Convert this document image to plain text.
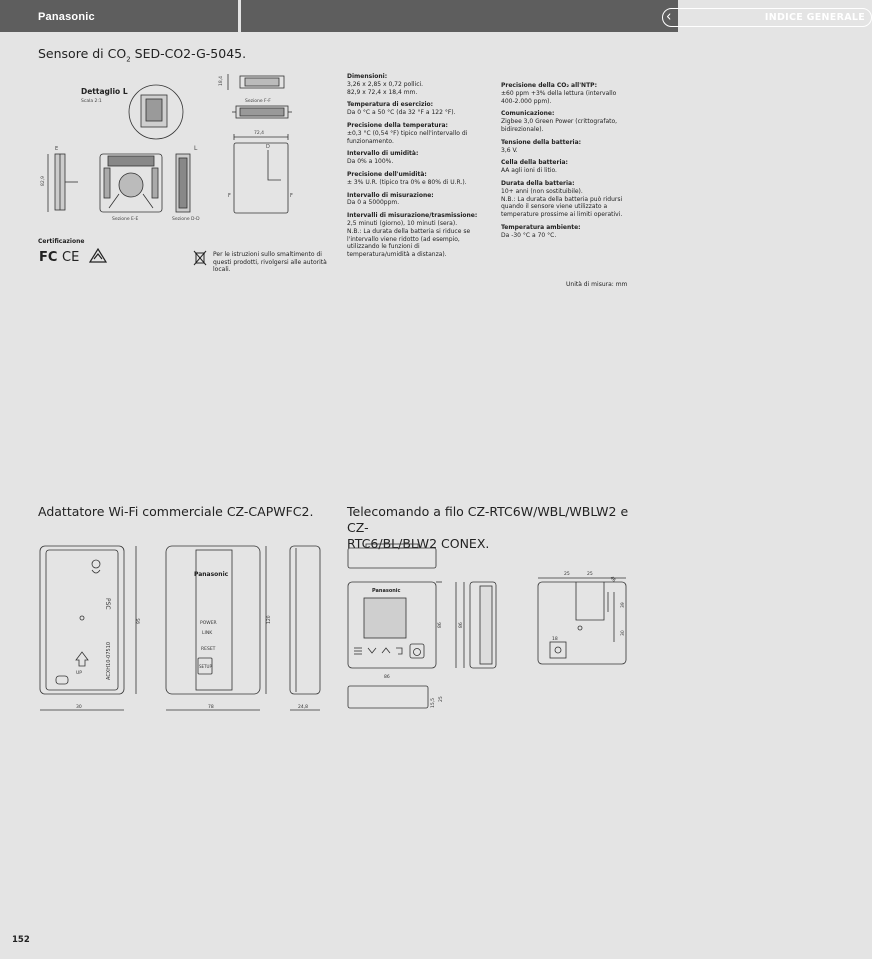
Panasonic	‹	INDICE GENERALE
Sensore di $CO_2$ SED-CO2-G-5045.
Dettaglio L
Scala 2:1	Sezione F-F
Sezione E-E	Sezione D-D
18,4
72,4
82,9
E	L	D
F	F
Certificazione
FC CE	Per le istruzioni sullo smaltimento di questi prodotti, rivolgersi alle autorità locali.
Dimensioni:
3,26 x 2,85 x 0,72 pollici.
82,9 x 72,4 x 18,4 mm.
Temperatura di esercizio:
Da 0 °C a 50 °C (da 32 °F a 122 °F).
Precisione della temperatura:
±0,3 °C (0,54 °F) tipico nell'intervallo di funzionamento.
Intervallo di umidità:
Da 0% a 100%.
Precisione dell'umidità:
± 3% U.R. (tipico tra 0% e 80% di U.R.).
Intervallo di misurazione:
Da 0 a 5000ppm.
Intervalli di misurazione/trasmissione:
2,5 minuti (giorno), 10 minuti (sera).
N.B.: La durata della batteria si riduce se l'intervallo viene ridotto (ad esempio, utilizzando le funzioni di temperatura/umidità a distanza).
Precisione della CO₂ all'NTP:
±60 ppm +3% della lettura (intervallo 400-2.000 ppm).
Comunicazione:
Zigbee 3,0 Green Power (crittografato, bidirezionale).
Tensione della batteria:
3,6 V.
Cella della batteria:
AA agli ioni di litio.
Durata della batteria:
10+ anni (non sostituibile).
N.B.: La durata della batteria può ridursi quando il sensore viene utilizzato a temperature prossime ai limiti operativi.
Temperatura ambiente:
Da -30 °C a 70 °C.
Unità di misura: mm
Adattatore Wi-Fi commerciale CZ-CAPWFC2.
ACXH10-07510
UP
PSC
Panasonic
POWER
LINK
RESET
SETUP
95	120
30	78	24,8
Telecomando a filo CZ-RTC6W/WBL/WBLW2 e CZ-
RTC6/BL/BLW2 CONEX.
Panasonic
86
86
86
15,5 25
25	25
46
39
30
18
152
